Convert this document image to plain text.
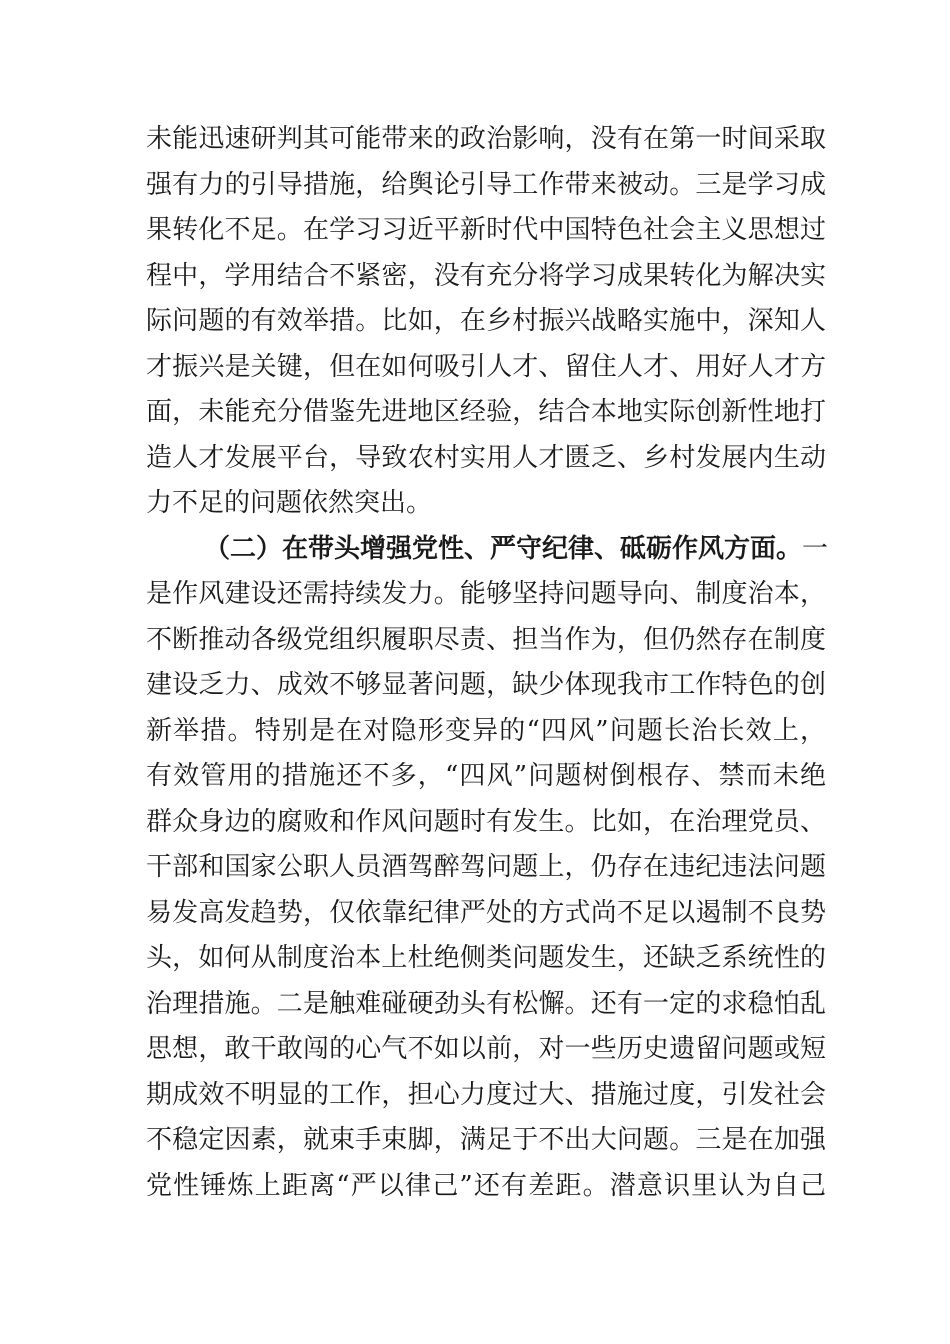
未能迅速研判其可能带来的政治影响，没有在第一时间采取
强有力的引导措施，给舆论引导工作带来被动。三是学习成
果转化不足。在学习习近平新时代中国特色社会主义思想过
程中，学用结合不紧密，没有充分将学习成果转化为解决实
际问题的有效举措。比如，在乡村振兴战略实施中，深知人
才振兴是关键，但在如何吸引人才、留住人才、用好人才方
面，未能充分借鉴先进地区经验，结合本地实际创新性地打
造人才发展平台，导致农村实用人才匮乏、乡村发展内生动
力不足的问题依然突出。
（二）在带头增强党性、严守纪律、砥砺作风方面。一
是作风建设还需持续发力。能够坚持问题导向、制度治本，
不断推动各级党组织履职尽责、担当作为，但仍然存在制度
建设乏力、成效不够显著问题，缺少体现我市工作特色的创
新举措。特别是在对隐形变异的“四风”问题长治长效上，
有效管用的措施还不多，“四风”问题树倒根存、禁而未绝
群众身边的腐败和作风问题时有发生。比如，在治理党员、
干部和国家公职人员酒驾醉驾问题上，仍存在违纪违法问题
易发高发趋势，仅依靠纪律严处的方式尚不足以遏制不良势
头，如何从制度治本上杜绝侧类问题发生，还缺乏系统性的
治理措施。二是触难碰硬劲头有松懈。还有一定的求稳怕乱
思想，敢干敢闯的心气不如以前，对一些历史遗留问题或短
期成效不明显的工作，担心力度过大、措施过度，引发社会
不稳定因素，就束手束脚，满足于不出大问题。三是在加强
党性锤炼上距离“严以律己”还有差距。潜意识里认为自己
